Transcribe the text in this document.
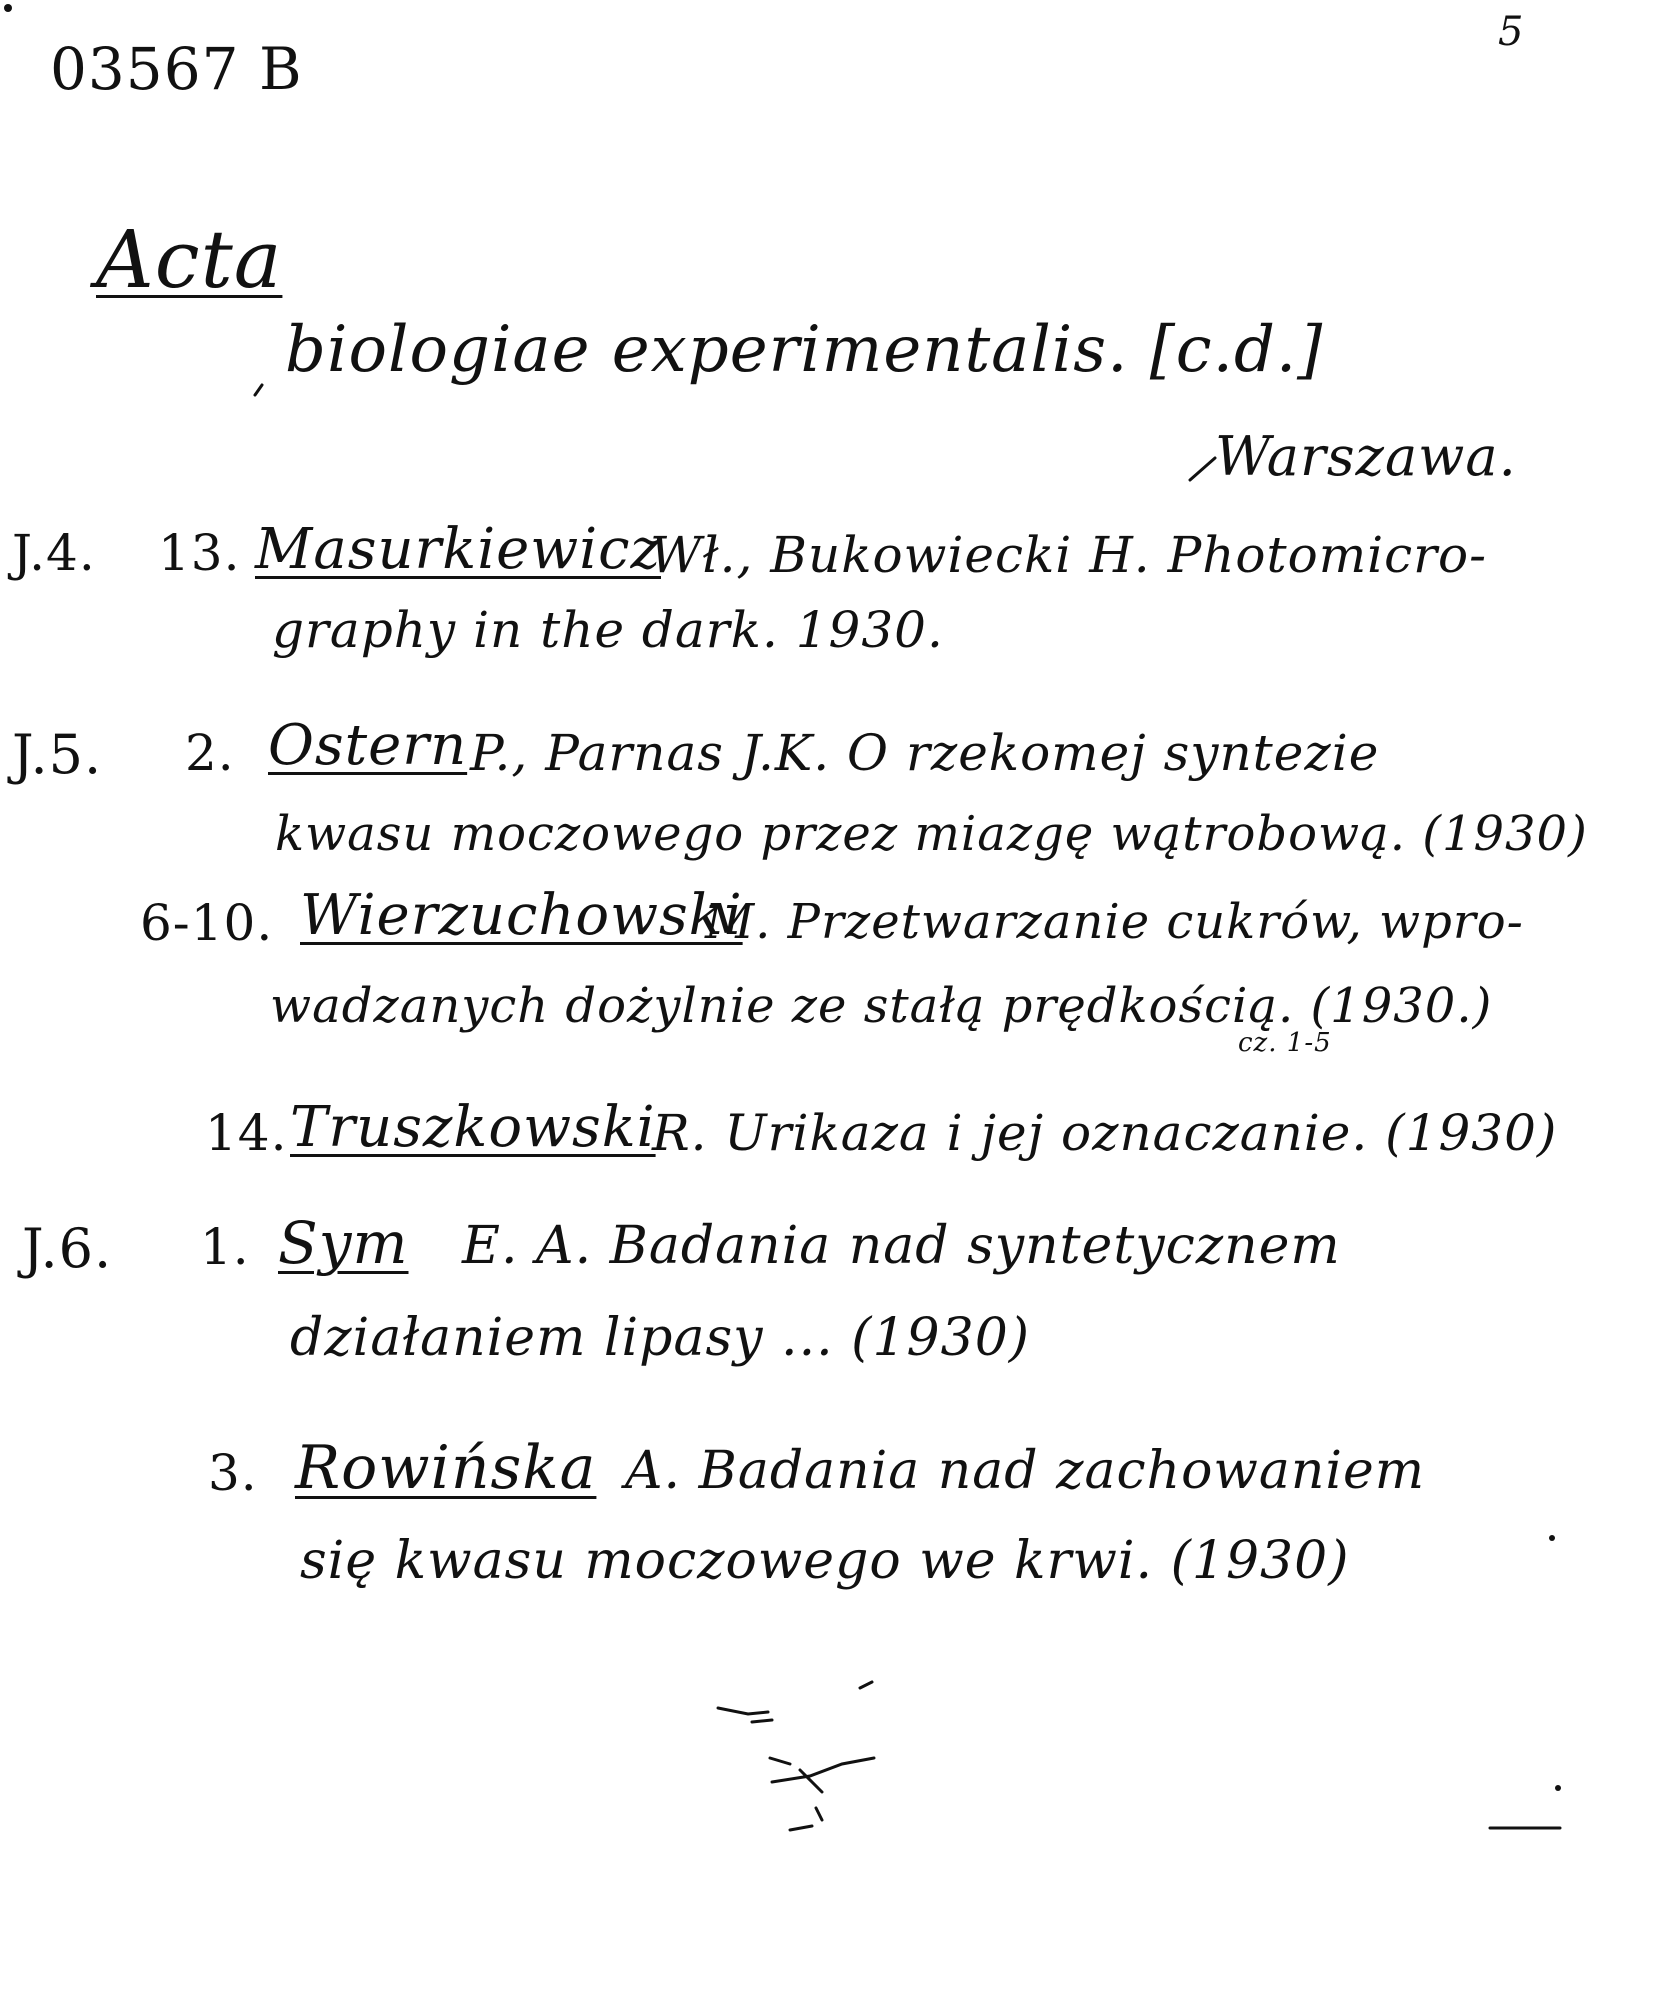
03567 B
5
Acta
biologiae experimentalis. [c.d.]
Warszawa.
J.4. 13. Masurkiewicz
Wł., Bukowiecki H. Photomicro-
graphy in the dark. 1930.
J.5. 2. Ostern P., Parnas J.K. O rzekomej syntezie
kwasu moczowego przez miazgę wątrobową. (1930)
6-10. Wierzuchowski
M. Przetwarzanie cukrów, wpro-
wadzanych dożylnie ze stałą prędkością. (1930.)
cz. 1-5
14. Truszkowski
R. Urikaza i jej oznaczanie. (1930)
J.6. 1. Sym E. A. Badania nad syntetycznem
działaniem lipasy ... (1930)
3. Rowińska A. Badania nad zachowaniem
się kwasu moczowego we krwi. (1930)
